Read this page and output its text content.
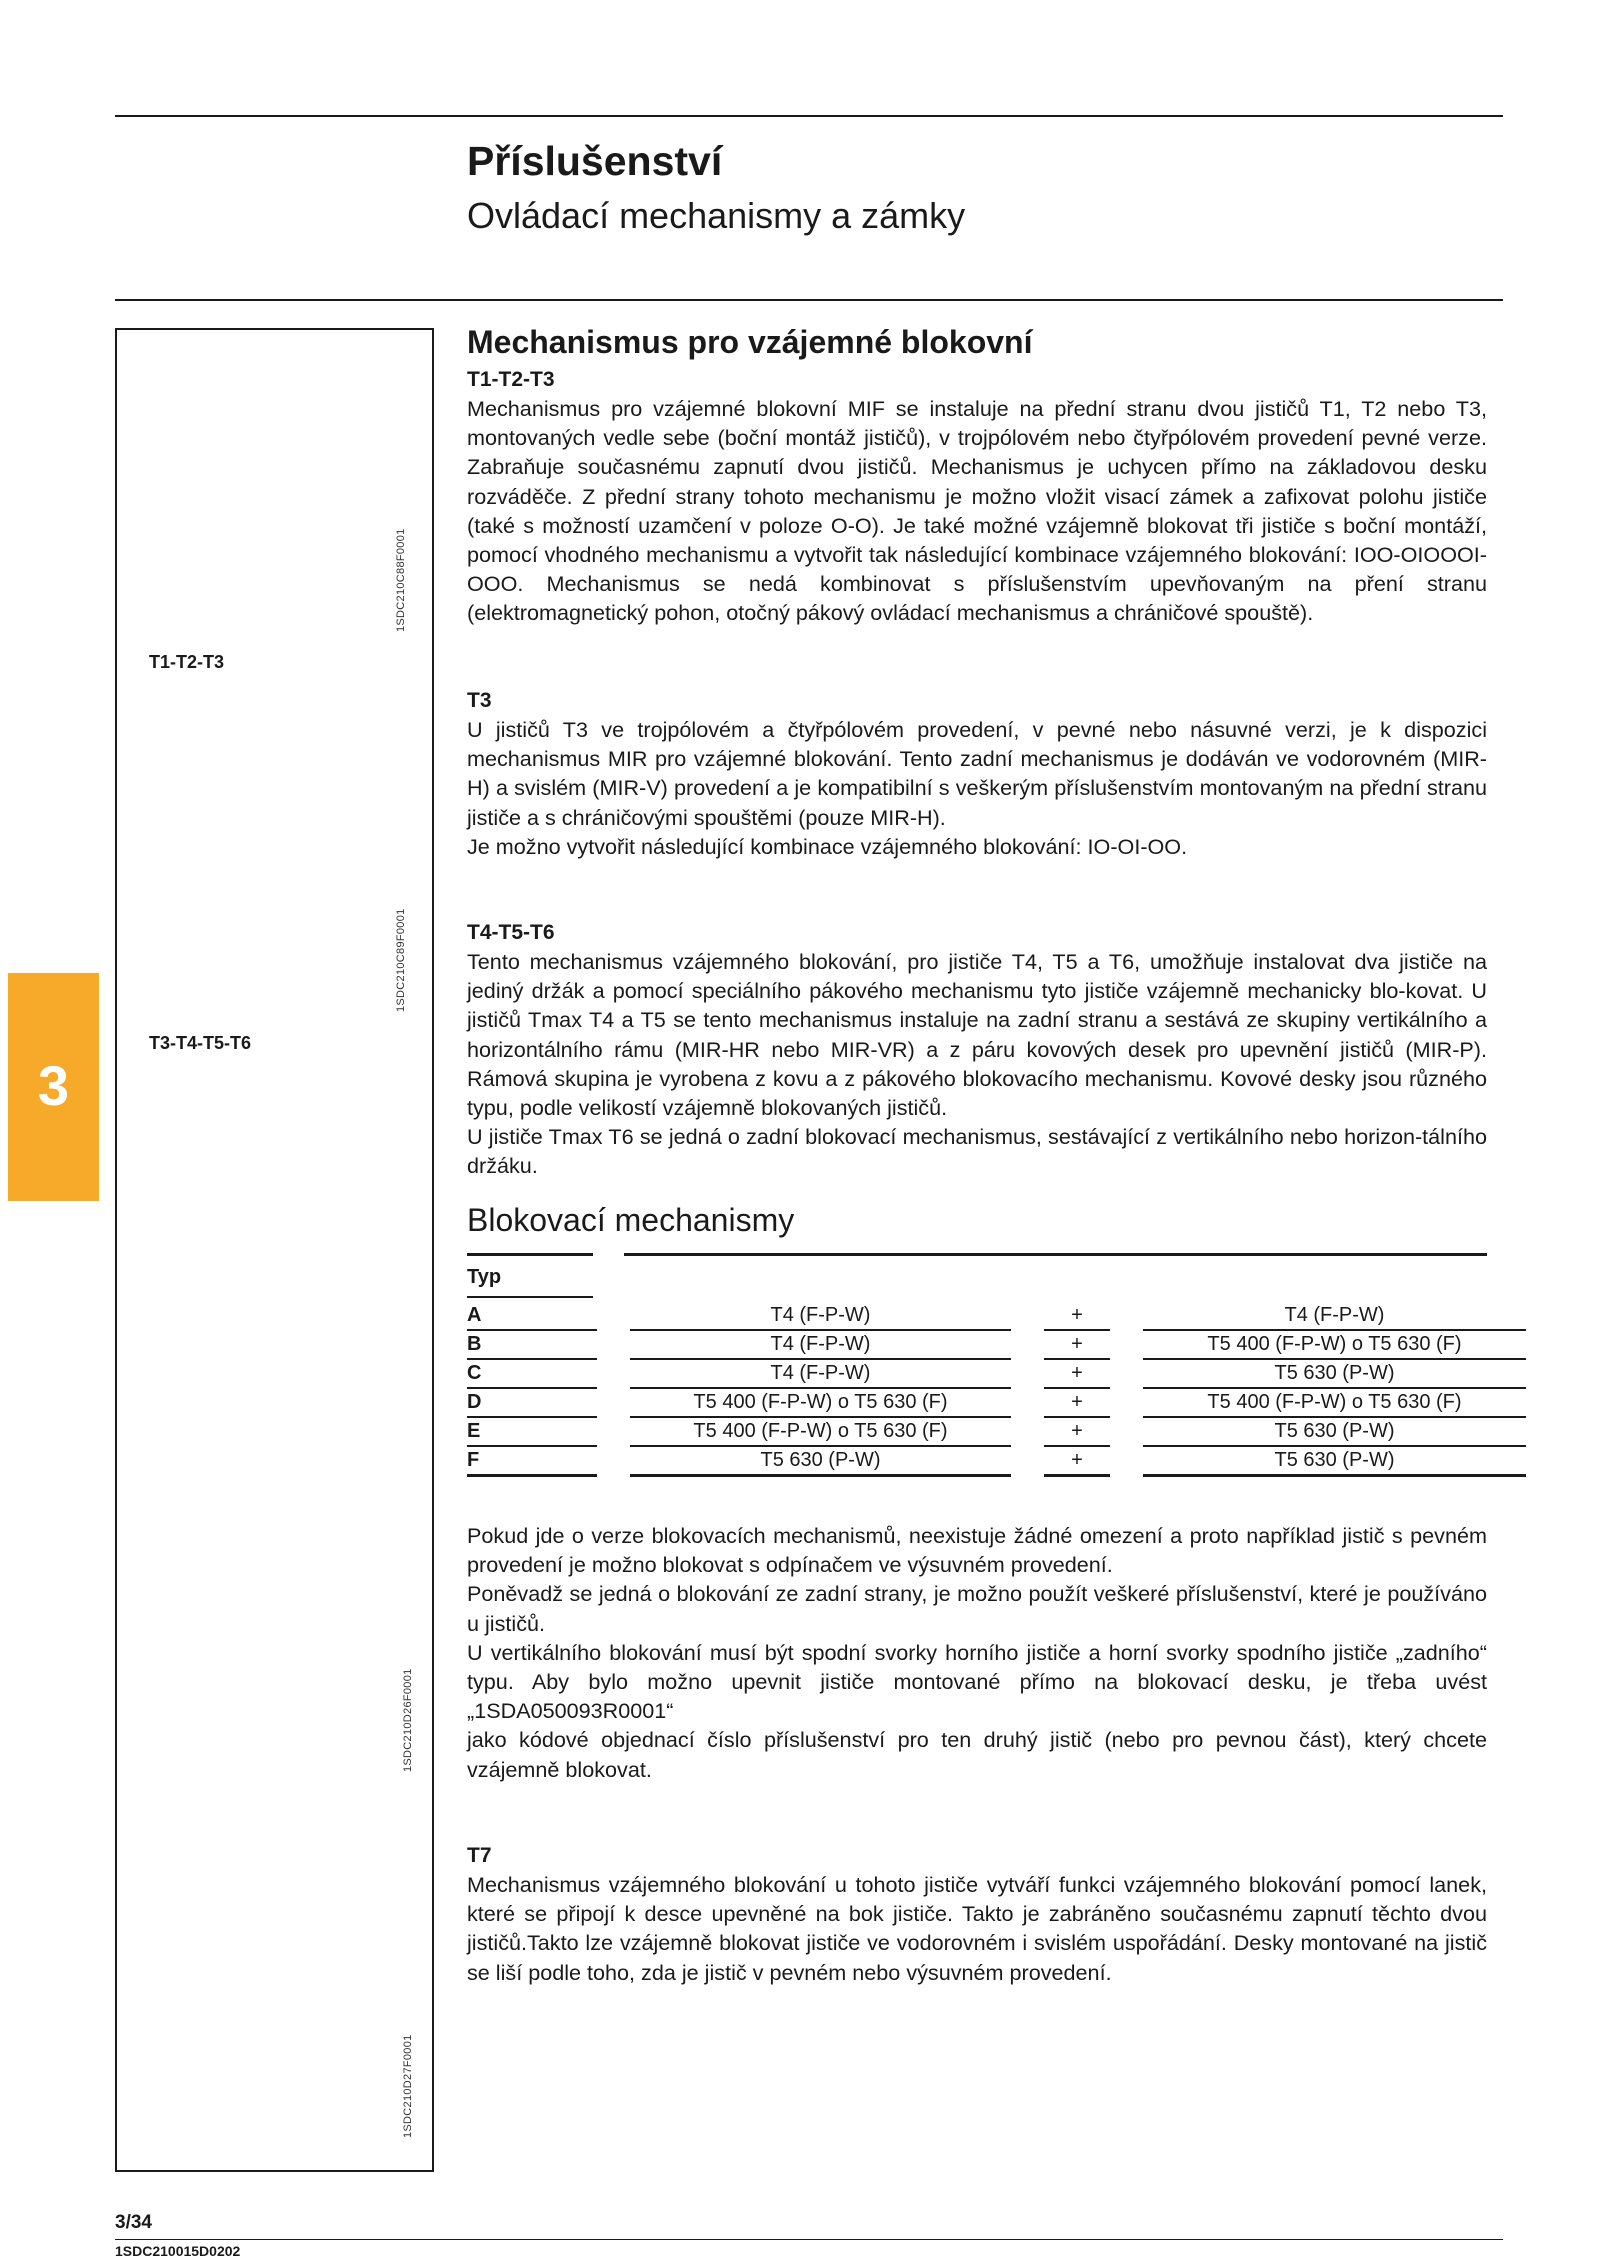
Příslušenství
Ovládací mechanismy a zámky
3
T1-T2-T3
1SDC210C88F0001
1SDC210C89F0001
T3-T4-T5-T6
1SDC210D26F0001
1SDC210D27F0001
Mechanismus pro vzájemné blokovní
T1-T2-T3

Mechanismus pro vzájemné blokovní MIF se instaluje na přední stranu dvou jističů T1, T2 nebo T3, montovaných vedle sebe (boční montáž jističů), v trojpólovém nebo čtyřpólovém provedení pevné verze. Zabraňuje současnému zapnutí dvou jističů. Mechanismus je uchycen přímo na základovou desku rozváděče. Z přední strany tohoto mechanismu je možno vložit visací zámek a zafixovat polohu jističe (také s možností uzamčení v poloze O-O). Je také možné vzájemně blokovat tři jističe s boční montáží, pomocí vhodného mechanismu a vytvořit tak následující kombinace vzájemného blokování: IOO-OIOOOI-OOO. Mechanismus se nedá kombinovat s příslušenstvím upevňovaným na pření stranu (elektromagnetický pohon, otočný pákový ovládací mechanismus a chráničové spouště).

T3

U jističů T3 ve trojpólovém a čtyřpólovém provedení, v pevné nebo násuvné verzi, je k dispozici mechanismus MIR pro vzájemné blokování. Tento zadní mechanismus je dodáván ve vodorovném (MIR-H) a svislém (MIR-V) provedení a je kompatibilní s veškerým příslušenstvím montovaným na přední stranu jističe a s chráničovými spouštěmi (pouze MIR-H).

Je možno vytvořit následující kombinace vzájemného blokování: IO-OI-OO.

T4-T5-T6

Tento mechanismus vzájemného blokování, pro jističe T4, T5 a T6, umožňuje instalovat dva jističe na jediný držák a pomocí speciálního pákového mechanismu tyto jističe vzájemně mechanicky blo-kovat. U jističů Tmax T4 a T5 se tento mechanismus instaluje na zadní stranu a sestává ze skupiny vertikálního a horizontálního rámu (MIR-HR nebo MIR-VR) a z páru kovových desek pro upevnění jističů (MIR-P). Rámová skupina je vyrobena z kovu a z pákového blokovacího mechanismu. Kovové desky jsou různého typu, podle velikostí vzájemně blokovaných jističů.

U jističe Tmax T6 se jedná o zadní blokovací mechanismus, sestávající z vertikálního nebo horizon-tálního držáku.

Blokovací mechanismy
Typ
A		T4 (F-P-W)		+		T4 (F-P-W)
B		T4 (F-P-W)		+		T5 400 (F-P-W) o T5 630 (F)
C		T4 (F-P-W)		+		T5 630 (P-W)
D		T5 400 (F-P-W) o T5 630 (F)		+		T5 400 (F-P-W) o T5 630 (F)
E		T5 400 (F-P-W) o T5 630 (F)		+		T5 630 (P-W)
F		T5 630 (P-W)		+		T5 630 (P-W)

Pokud jde o verze blokovacích mechanismů, neexistuje žádné omezení a proto například jistič s pevném provedení je možno blokovat s odpínačem ve výsuvném provedení.

Poněvadž se jedná o blokování ze zadní strany, je možno použít veškeré příslušenství, které je používáno u jističů.

U vertikálního blokování musí být spodní svorky horního jističe a horní svorky spodního jističe „zadního“ typu. Aby bylo možno upevnit jističe montované přímo na blokovací desku, je třeba uvést „1SDA050093R0001“

jako kódové objednací číslo příslušenství pro ten druhý jistič (nebo pro pevnou část), který chcete vzájemně blokovat.

T7

Mechanismus vzájemného blokování u tohoto jističe vytváří funkci vzájemného blokování pomocí lanek, které se připojí k desce upevněné na bok jističe. Takto je zabráněno současnému zapnutí těchto dvou jističů.Takto lze vzájemně blokovat jističe ve vodorovném i svislém uspořádání. Desky montované na jistič se liší podle toho, zda je jistič v pevném nebo výsuvném provedení.

3/34
1SDC210015D0202
